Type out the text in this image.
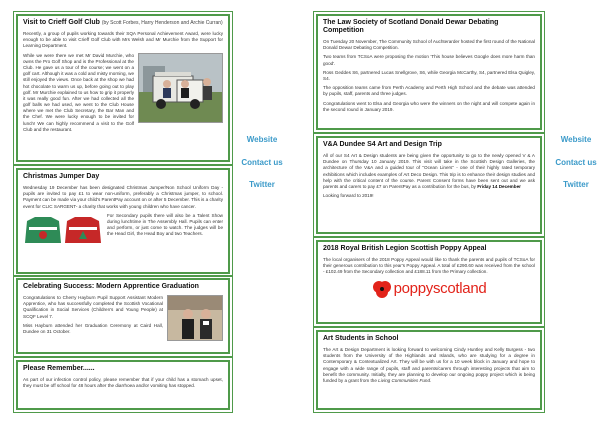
Website
Contact us
Twitter
Website
Contact us
Twitter
Visit to Crieff Golf Club (by Scott Forbes, Harry Henderson and Archie Curran)

Recently, a group of pupils working towards their SQA Personal Achievement Award, were lucky enough to be able to visit Crieff Golf Club with Mrs Welsh and Mr Murchie from the Support for Learning Department.

While we were there we met Mr David Murchie, who owns the Pro Golf Shop and is the Professional at the Club. He gave us a tour of the course; we went on a golf cart. Although it was a cold and misty morning, we still enjoyed the views. Once back at the shop we had hot chocolate to warm us up, before going out to play golf. Mr Murchie explained to us how to grip it properly it was really good fun. After we had collected all the golf balls we had used, we went to the Club House where we met the Club Secretary, the Bar Man and the Chef. We were lucky enough to be invited for lunch! We can highly recommend a visit to the Golf Club and the restaurant.

Christmas Jumper Day

Wednesday 19 December has been designated Christmas Jumper/Non School Uniform Day - pupils are invited to pay £1 to wear non-uniform, preferably a Christmas jumper, to school. Payment can be made via your child's ParentPay account on or after 5 December. This is a charity event for CLIC SARGENT- a charity that works with young children who have cancer.

For Secondary pupils there will also be a Talent Show during lunchtime in The Assembly Hall. Pupils can enter and perform, or just come to watch. The judges will be the Head Girl, the Head Boy and two Teachers.

Celebrating Success: Modern Apprentice Graduation

Congratulations to Cherry Hayburn Pupil Support Assistant Modern Apprentice, who has successfully completed the Scottish Vocational Qualification in Social Services (Children's and Young People) at SCQF Level 7.

Miss Hayburn attended her Graduation Ceremony at Caird Hall, Dundee on 31 October.

Please Remember......

As part of our infection control policy, please remember that if your child has a stomach upset, they must be off school for 48 hours after the diarrhoea and/or vomiting has stopped.

The Law Society of Scotland Donald Dewar Debating Competition

On Tuesday 20 November, The Community School of Auchterarder hosted the first round of the National Donald Dewar Debating Competition.

Two teams from TCSoA were proposing the motion 'This house believes Google does more harm than good'.

Ross Geddes S6, partnered Lucas Snellgrove, S6, while Georgia McCarthy, S4, partnered Elsa Quigley, S4.

The opposition teams came from Perth Academy and Perth High School and the debate was attended by pupils, staff, parents and three judges.

Congratulations went to Elsa and Georgia who were the winners on the night and will compete again in the second round in January 2019.

V&A Dundee S4 Art and Design Trip

All of our S4 Art & Design students are being given the opportunity to go to the newly opened V & A Dundee on Thursday 10 January 2019. This visit will take in the Scottish Design Galleries, the architecture of the V&A and a guided tour of "Ocean Liners" - one of their highly rated temporary exhibitions which includes examples of Art Deco Design. This trip is to enhance their design studies and help with the critical content of the course. Parent Consent forms have been sent out and we ask parents and carers to pay £7 on ParentPay as a contribution for the bus, by Friday 14 December

Looking forward to 2019!

2018 Royal British Legion Scottish Poppy Appeal

The local organisers of the 2018 Poppy Appeal would like to thank the parents and pupils of TCSoA for their generous contribution to this year's Poppy Appeal. A total of £290.60 was received from the school - £102.49 from the Secondary collection and £188.11 from the Primary collection.

poppyscotland
Art Students in School

The Art & Design Department is looking forward to welcoming Cindy Huntley and Kelly Burgess - two students from the University of the Highlands and Islands, who are studying for a degree in Contemporary & Contextualized Art. They will be with us for a 10 week block in January and hope to engage with a wide range of pupils, staff and parents/carers through interesting projects that aim to benefit the community. Initially, they are planning to develop our ongoing poppy project which is being funded by a grant from the Living Communities Fund.
